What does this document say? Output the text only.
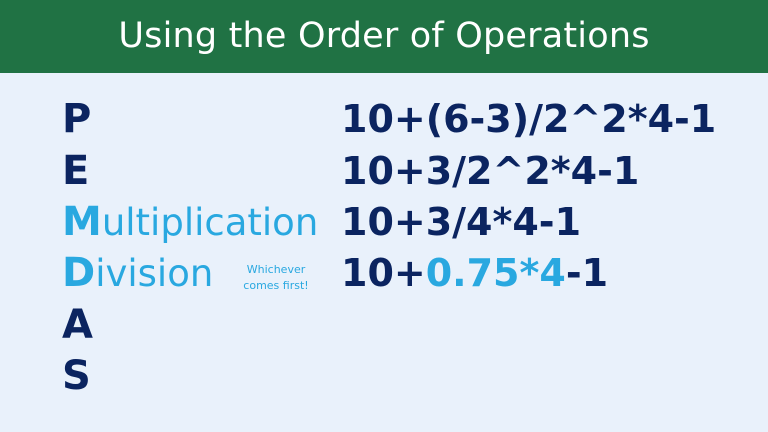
Using the Order of Operations
P
E
Multiplication
Division
A
S
Whichever
comes first!
10+(6-3)/2^2*4-1
10+3/2^2*4-1
10+3/4*4-1
10+0.75*4-1
